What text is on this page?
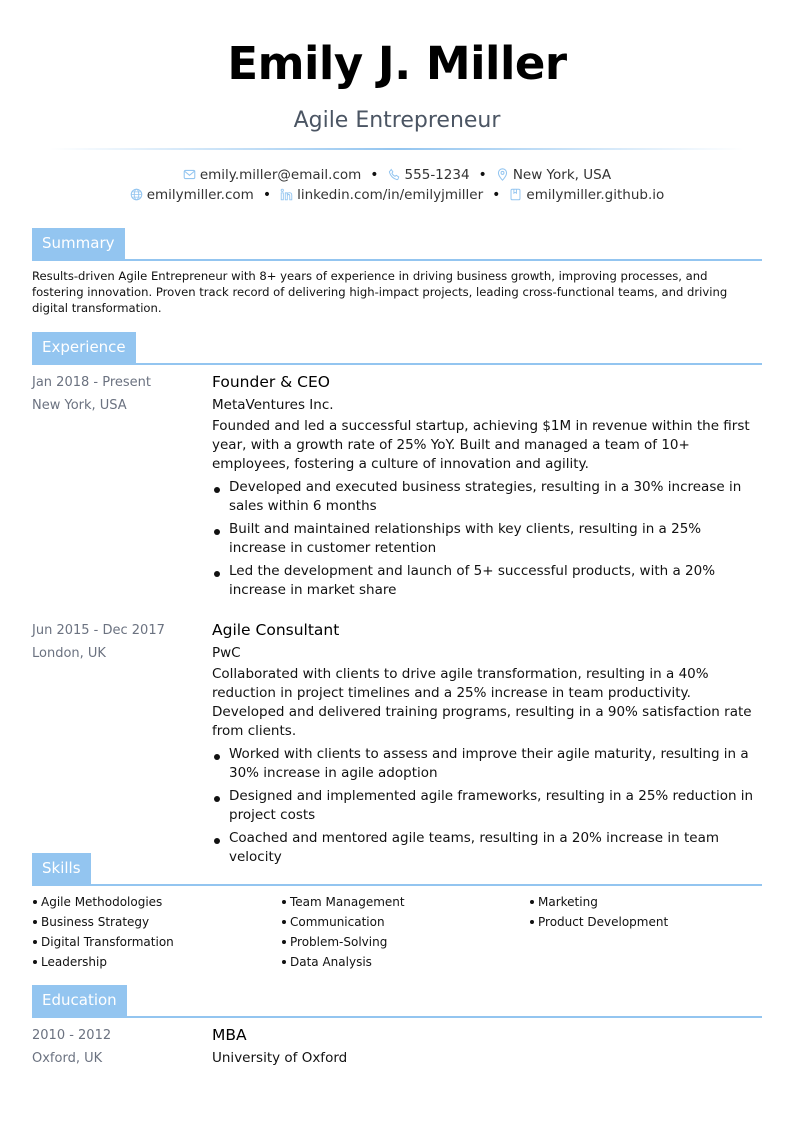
Emily J. Miller
Agile Entrepreneur
emily.miller@email.com • 555-1234 • New York, USA
emilymiller.com • linkedin.com/in/emilyjmiller • emilymiller.github.io
Summary
Results-driven Agile Entrepreneur with 8+ years of experience in driving business growth, improving processes, and fostering innovation. Proven track record of delivering high-impact projects, leading cross-functional teams, and driving digital transformation.
Experience
Jan 2018 - Present
New York, USA
Founder & CEO
MetaVentures Inc.
Founded and led a successful startup, achieving $1M in revenue within the first year, with a growth rate of 25% YoY. Built and managed a team of 10+ employees, fostering a culture of innovation and agility.
Developed and executed business strategies, resulting in a 30% increase in sales within 6 months
Built and maintained relationships with key clients, resulting in a 25% increase in customer retention
Led the development and launch of 5+ successful products, with a 20% increase in market share
Jun 2015 - Dec 2017
London, UK
Agile Consultant
PwC
Collaborated with clients to drive agile transformation, resulting in a 40% reduction in project timelines and a 25% increase in team productivity. Developed and delivered training programs, resulting in a 90% satisfaction rate from clients.
Worked with clients to assess and improve their agile maturity, resulting in a 30% increase in agile adoption
Designed and implemented agile frameworks, resulting in a 25% reduction in project costs
Coached and mentored agile teams, resulting in a 20% increase in team velocity
Skills
Agile Methodologies
Business Strategy
Digital Transformation
Leadership
Team Management
Communication
Problem-Solving
Data Analysis
Marketing
Product Development
Education
2010 - 2012
Oxford, UK
MBA
University of Oxford
